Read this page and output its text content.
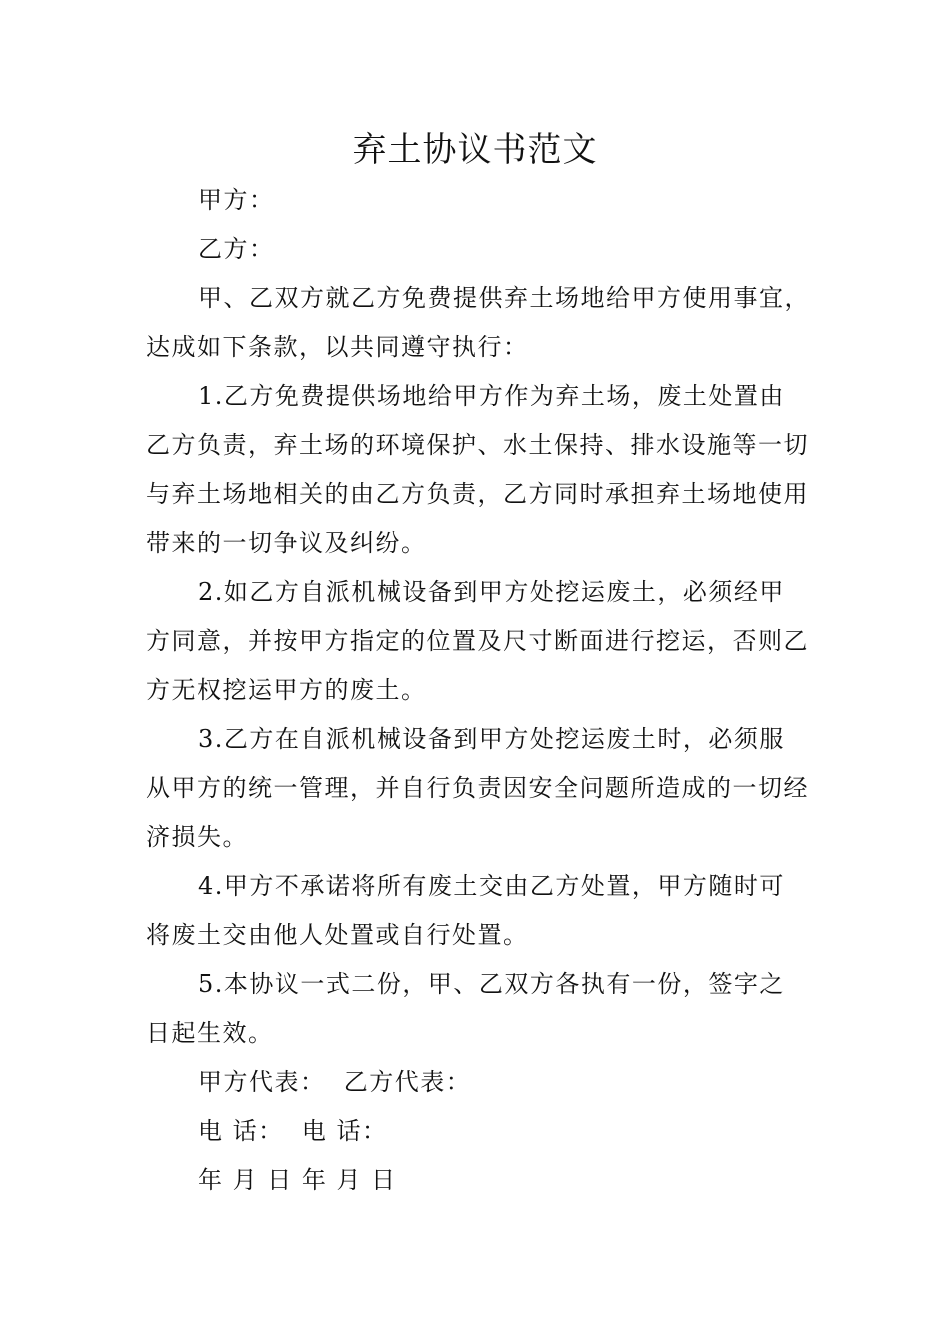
弃土协议书范文

甲方：

乙方：

甲、乙双方就乙方免费提供弃土场地给甲方使用事宜，达成如下条款，以共同遵守执行：

1.乙方免费提供场地给甲方作为弃土场，废土处置由乙方负责，弃土场的环境保护、水土保持、排水设施等一切与弃土场地相关的由乙方负责，乙方同时承担弃土场地使用带来的一切争议及纠纷。

2.如乙方自派机械设备到甲方处挖运废土，必须经甲方同意，并按甲方指定的位置及尺寸断面进行挖运，否则乙方无权挖运甲方的废土。

3.乙方在自派机械设备到甲方处挖运废土时，必须服从甲方的统一管理，并自行负责因安全问题所造成的一切经济损失。

4.甲方不承诺将所有废土交由乙方处置，甲方随时可将废土交由他人处置或自行处置。

5.本协议一式二份，甲、乙双方各执有一份，签字之日起生效。

甲方代表：  乙方代表：

电 话：  电 话：

年 月 日 年 月 日
